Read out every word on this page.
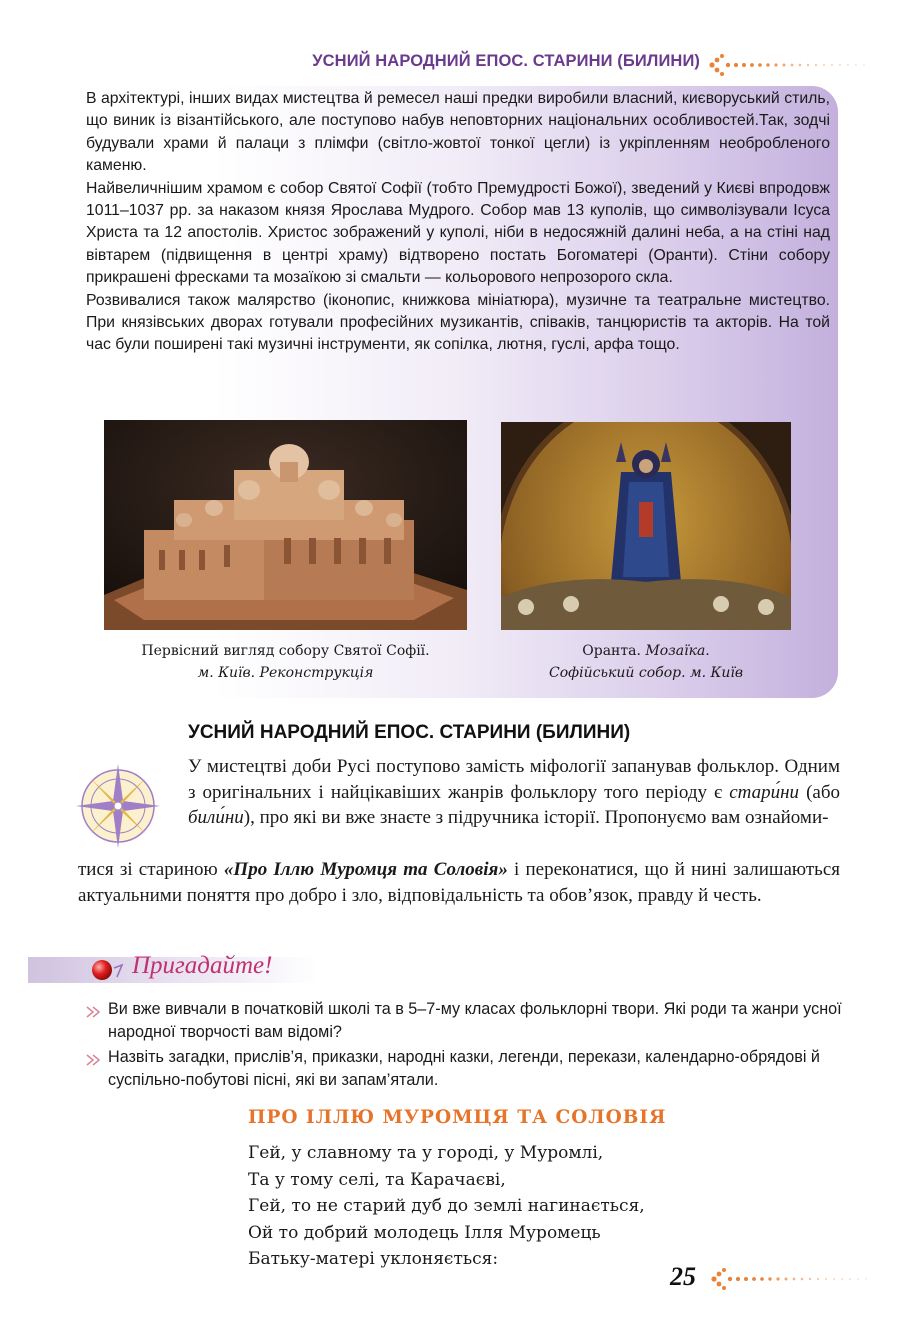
УСНИЙ НАРОДНИЙ ЕПОС. СТАРИНИ (БИЛИНИ)

В архітектурі, інших видах мистецтва й ремесел наші предки виробили власний, києворуський стиль, що виник із візантійського, але поступово набув неповторних національних особливостей.Так, зодчі будували храми й палаци з плімфи (світло-жовтої тонкої цегли) із укріпленням необробленого каменю.

Найвеличнішим храмом є собор Святої Софії (тобто Премудрості Божої), зведений у Києві впродовж 1011–1037 рр. за наказом князя Ярослава Мудрого. Собор мав 13 куполів, що символізували Ісуса Христа та 12 апостолів. Христос зображений у куполі, ніби в недосяжній далині неба, а на стіні над вівтарем (підвищення в центрі храму) відтворено постать Богоматері (Оранти). Стіни собору прикрашені фресками та мозаїкою зі смальти — кольорового непрозорого скла.

Розвивалися також малярство (іконопис, книжкова мініатюра), музичне та театральне мистецтво. При князівських дворах готували професійних музикантів, співаків, танцюристів та акторів. На той час були поширені такі музичні інструменти, як сопілка, лютня, гуслі, арфа тощо.

Первісний вигляд собору Святої Софії.
м. Київ. Реконструкція
Оранта. Мозаїка.
Софійський собор. м. Київ
УСНИЙ НАРОДНИЙ ЕПОС. СТАРИНИ (БИЛИНИ)
У мистецтві доби Русі поступово замість міфології запанував фольклор. Одним з оригінальних і найцікавіших жанрів фольклору того періоду є стари́ни (або били́ни), про які ви вже знаєте з підручника історії. Пропонуємо вам ознайоми-
тися зі стариною «Про Іллю Муромця та Соловія» і переконатися, що й нині залишаються актуальними поняття про добро і зло, відповідальність та обов’язок, правду й честь.
Пригадайте!
Ви вже вивчали в початковій школі та в 5–7-му класах фольклорні твори. Які роди та жанри усної народної творчості вам відомі?
Назвіть загадки, прислів’я, приказки, народні казки, легенди, перекази, календарно-обрядові й суспільно-побутові пісні, які ви запам’ятали.
ПРО ІЛЛЮ МУРОМЦЯ ТА СОЛОВІЯ
Гей, у славному та у городі, у Муромлі,
Та у тому селі, та Карачаєві,
Гей, то не старий дуб до землі нагинається,
Ой то добрий молодець Ілля Муромець
Батьку-матері уклоняється:
25
